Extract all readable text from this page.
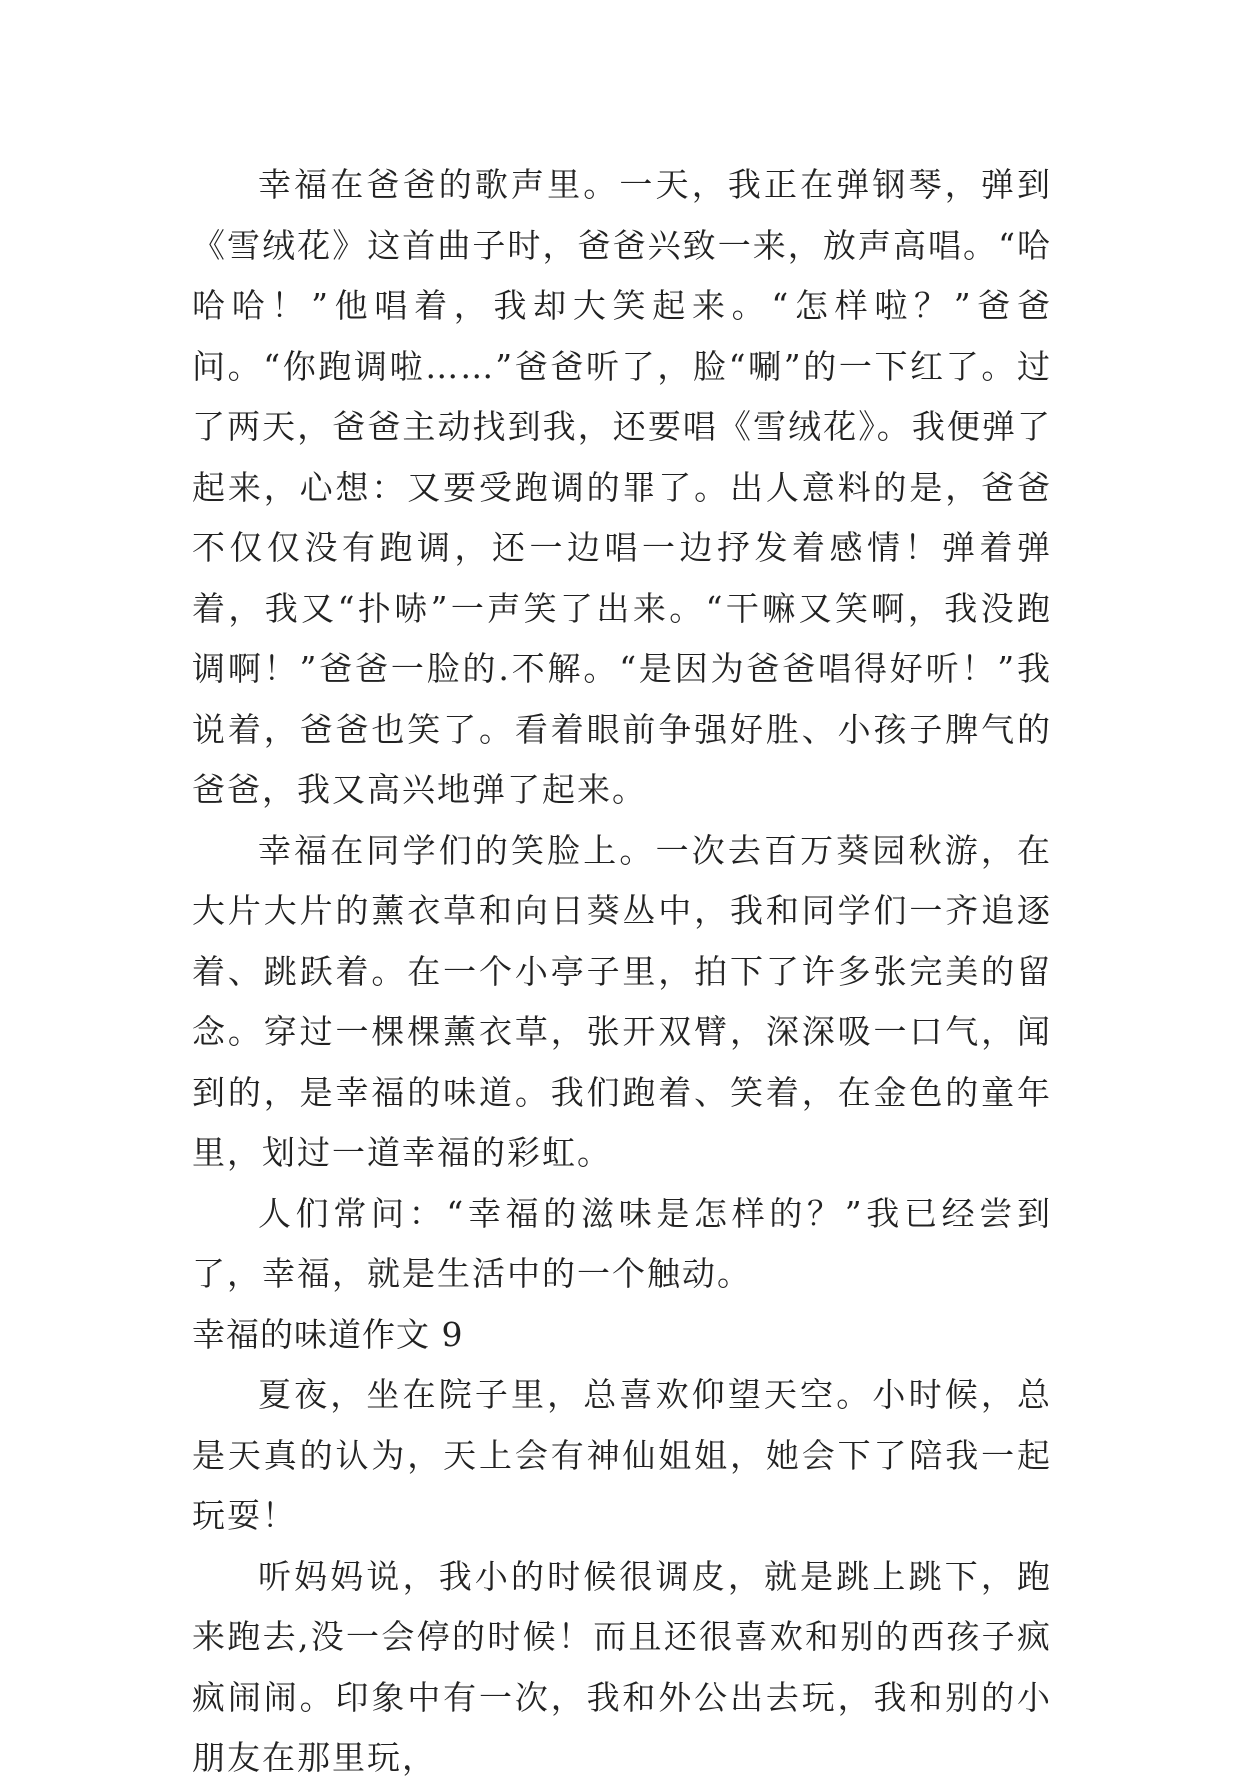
幸福在爸爸的歌声里。一天，我正在弹钢琴，弹到《雪绒花》这首曲子时，爸爸兴致一来，放声高唱。“哈哈哈！”他唱着，我却大笑起来。“怎样啦？”爸爸问。“你跑调啦……”爸爸听了，脸“唰”的一下红了。过了两天，爸爸主动找到我，还要唱《雪绒花》。我便弹了起来，心想：又要受跑调的罪了。出人意料的是，爸爸不仅仅没有跑调，还一边唱一边抒发着感情！弹着弹着，我又“扑哧”一声笑了出来。“干嘛又笑啊，我没跑调啊！”爸爸一脸的.不解。“是因为爸爸唱得好听！”我说着，爸爸也笑了。看着眼前争强好胜、小孩子脾气的爸爸，我又高兴地弹了起来。

幸福在同学们的笑脸上。一次去百万葵园秋游，在大片大片的薰衣草和向日葵丛中，我和同学们一齐追逐着、跳跃着。在一个小亭子里，拍下了许多张完美的留念。穿过一棵棵薰衣草，张开双臂，深深吸一口气，闻到的，是幸福的味道。我们跑着、笑着，在金色的童年里，划过一道幸福的彩虹。

人们常问：“幸福的滋味是怎样的？”我已经尝到了，幸福，就是生活中的一个触动。

幸福的味道作文 9

夏夜，坐在院子里，总喜欢仰望天空。小时候，总是天真的认为，天上会有神仙姐姐，她会下了陪我一起玩耍！

听妈妈说，我小的时候很调皮，就是跳上跳下，跑来跑去,没一会停的时候！而且还很喜欢和别的西孩子疯疯闹闹。印象中有一次，我和外公出去玩，我和别的小朋友在那里玩，
